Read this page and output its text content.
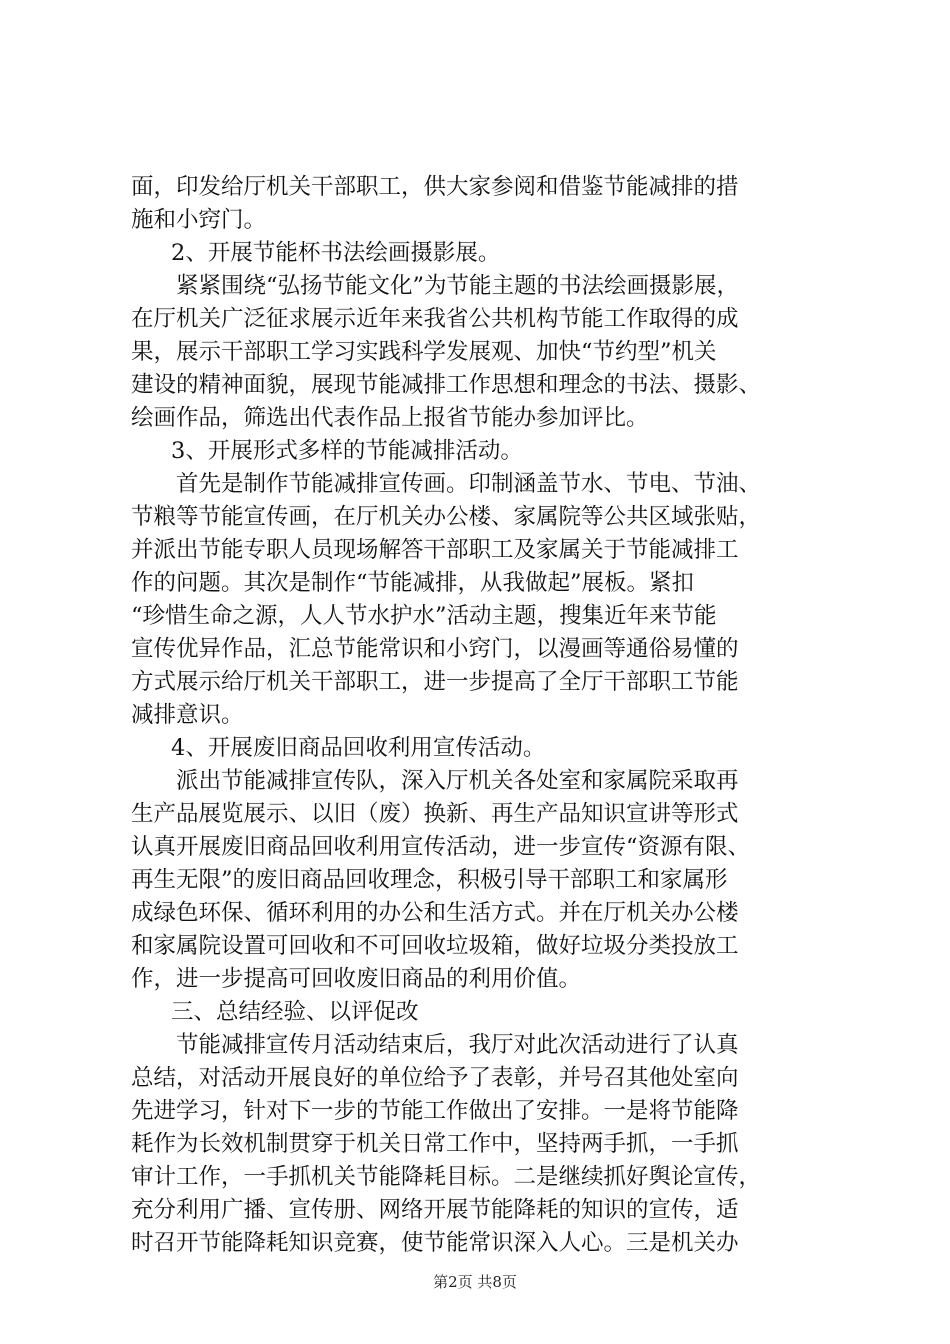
面，印发给厅机关干部职工，供大家参阅和借鉴节能减排的措
施和小窍门。
2、开展节能杯书法绘画摄影展。
紧紧围绕“弘扬节能文化”为节能主题的书法绘画摄影展，
在厅机关广泛征求展示近年来我省公共机构节能工作取得的成
果，展示干部职工学习实践科学发展观、加快“节约型”机关
建设的精神面貌，展现节能减排工作思想和理念的书法、摄影、
绘画作品，筛选出代表作品上报省节能办参加评比。
3、开展形式多样的节能减排活动。
首先是制作节能减排宣传画。印制涵盖节水、节电、节油、
节粮等节能宣传画，在厅机关办公楼、家属院等公共区域张贴，
并派出节能专职人员现场解答干部职工及家属关于节能减排工
作的问题。其次是制作“节能减排，从我做起”展板。紧扣
“珍惜生命之源，人人节水护水”活动主题，搜集近年来节能
宣传优异作品，汇总节能常识和小窍门，以漫画等通俗易懂的
方式展示给厅机关干部职工，进一步提高了全厅干部职工节能
减排意识。
4、开展废旧商品回收利用宣传活动。
派出节能减排宣传队，深入厅机关各处室和家属院采取再
生产品展览展示、以旧（废）换新、再生产品知识宣讲等形式
认真开展废旧商品回收利用宣传活动，进一步宣传“资源有限、
再生无限”的废旧商品回收理念，积极引导干部职工和家属形
成绿色环保、循环利用的办公和生活方式。并在厅机关办公楼
和家属院设置可回收和不可回收垃圾箱，做好垃圾分类投放工
作，进一步提高可回收废旧商品的利用价值。
三、总结经验、以评促改
节能减排宣传月活动结束后，我厅对此次活动进行了认真
总结，对活动开展良好的单位给予了表彰，并号召其他处室向
先进学习，针对下一步的节能工作做出了安排。一是将节能降
耗作为长效机制贯穿于机关日常工作中，坚持两手抓，一手抓
审计工作，一手抓机关节能降耗目标。二是继续抓好舆论宣传，
充分利用广播、宣传册、网络开展节能降耗的知识的宣传，适
时召开节能降耗知识竞赛，使节能常识深入人心。三是机关办
第2页 共8页
